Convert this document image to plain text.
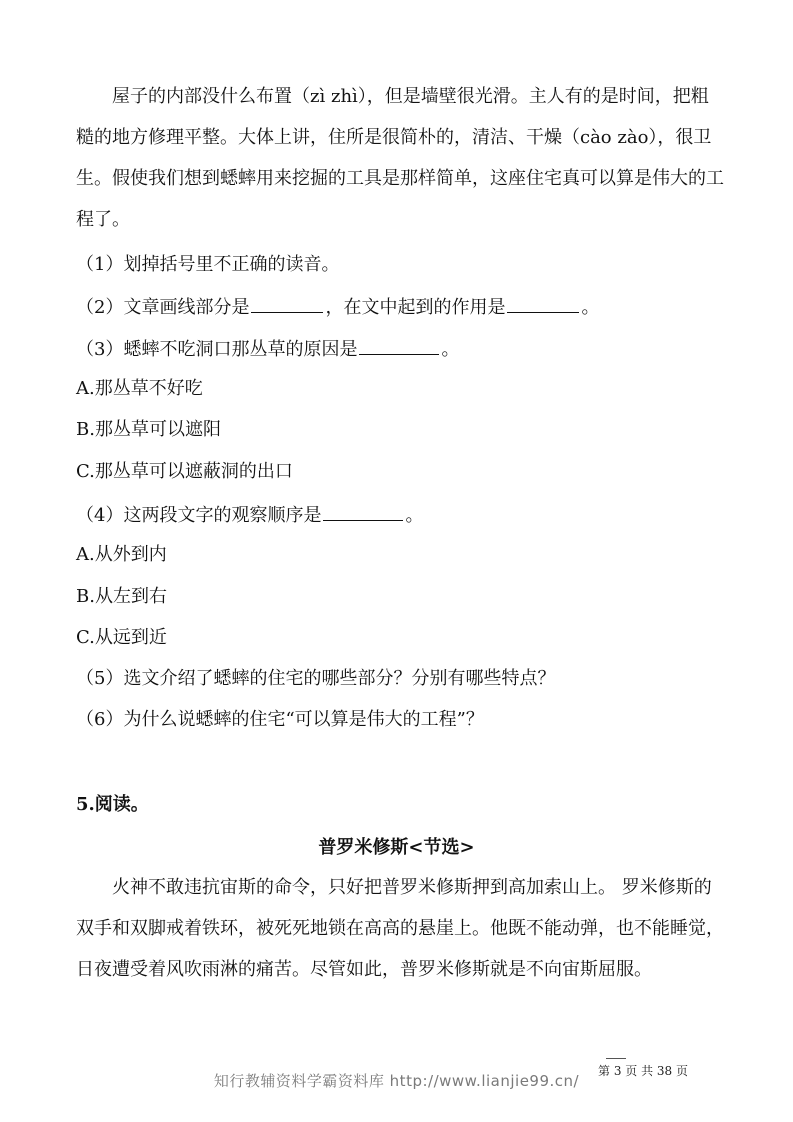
屋子的内部没什么布置（zì zhì），但是墙壁很光滑。主人有的是时间，把粗糙的地方修理平整。大体上讲，住所是很简朴的，清洁、干燥（cào zào），很卫生。假使我们想到蟋蟀用来挖掘的工具是那样简单，这座住宅真可以算是伟大的工程了。

（1）划掉括号里不正确的读音。

（2）文章画线部分是	，在文中起到的作用是	。

（3）蟋蟀不吃洞口那丛草的原因是	。

A.那丛草不好吃

B.那丛草可以遮阳

C.那丛草可以遮蔽洞的出口

（4）这两段文字的观察顺序是	。

A.从外到内

B.从左到右

C.从远到近

（5）选文介绍了蟋蟀的住宅的哪些部分？分别有哪些特点？

（6）为什么说蟋蟀的住宅“可以算是伟大的工程”？

5.阅读。

普罗米修斯<节选>

火神不敢违抗宙斯的命令，只好把普罗米修斯押到高加索山上。 罗米修斯的双手和双脚戒着铁环，被死死地锁在高高的悬崖上。他既不能动弹，也不能睡觉，日夜遭受着风吹雨淋的痛苦。尽管如此，普罗米修斯就是不向宙斯屈服。

第 3 页 共 38 页
知行教辅资料学霸资料库 http://www.lianjie99.cn/
